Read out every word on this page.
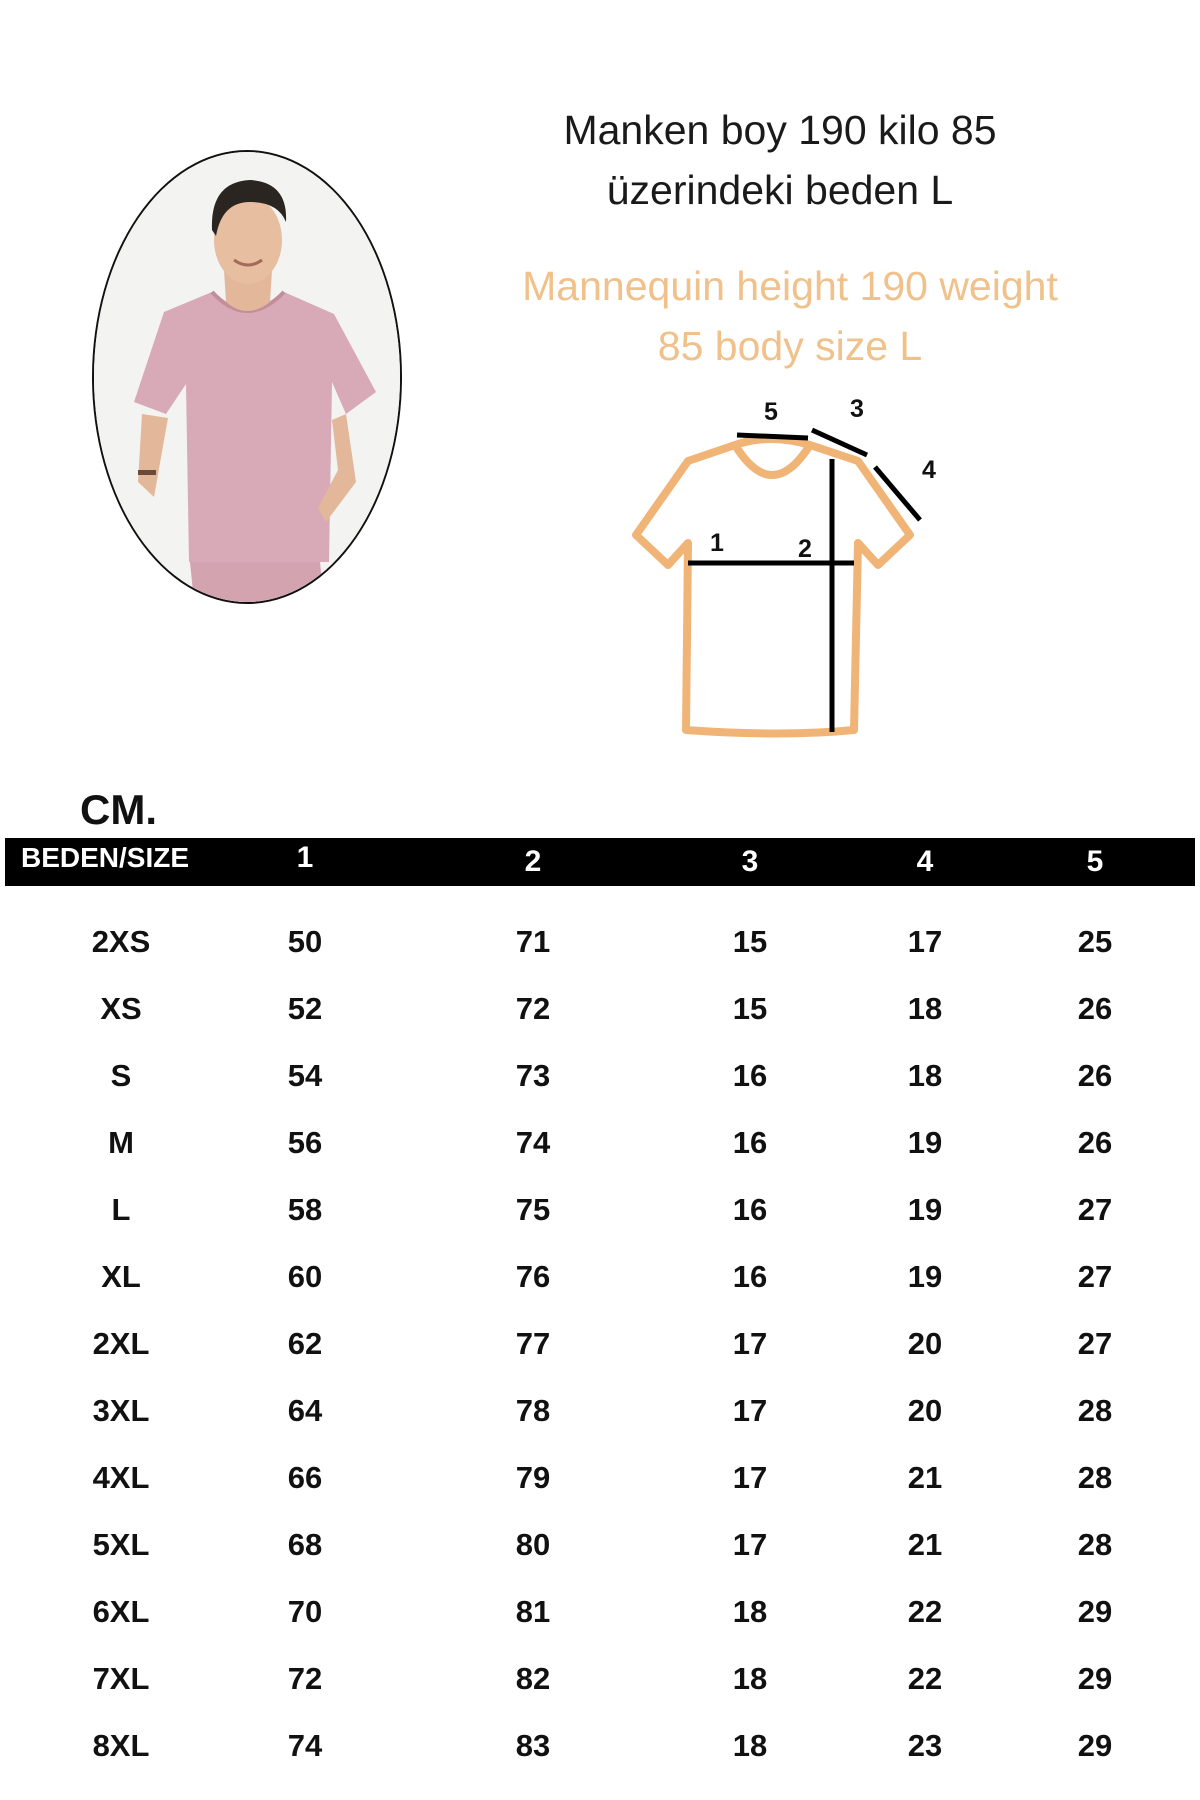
Manken boy 190 kilo 85
üzerindeki beden L
Mannequin height 190 weight
85 body size L
1	2
3
4
5
CM.
BEDEN/SIZE	1	2	3	4	5
2XS	50	71	15	17	25
XS	52	72	15	18	26
S	54	73	16	18	26
M	56	74	16	19	26
L	58	75	16	19	27
XL	60	76	16	19	27
2XL	62	77	17	20	27
3XL	64	78	17	20	28
4XL	66	79	17	21	28
5XL	68	80	17	21	28
6XL	70	81	18	22	29
7XL	72	82	18	22	29
8XL	74	83	18	23	29
